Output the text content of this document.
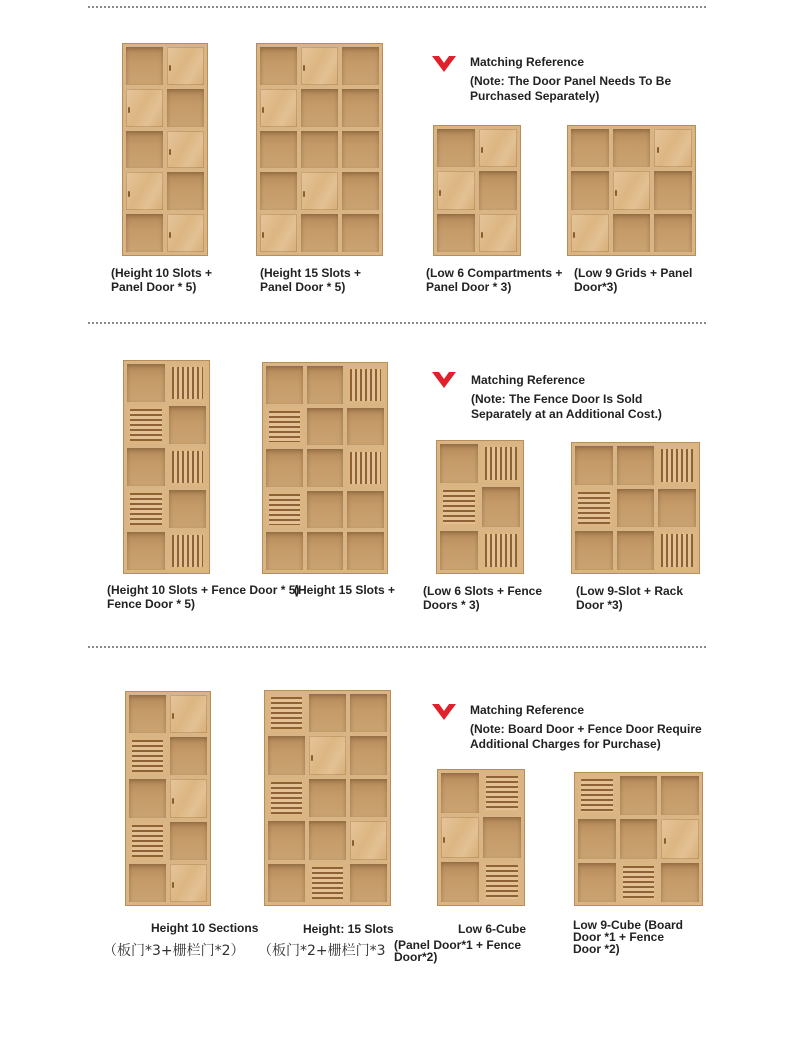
Matching Reference
(Note: The Door Panel Needs To Be
Purchased Separately)
(Height 10 Slots +
Panel Door * 5)
(Height 15 Slots +
Panel Door * 5)
(Low 6 Compartments +
Panel Door * 3)
(Low 9 Grids + Panel
Door*3)
Matching Reference
(Note: The Fence Door Is Sold
Separately at an Additional Cost.)
(Height 10 Slots + Fence Door * 5)
Fence Door * 5)
(Height 15 Slots + (Low 6 Slots + Fence
Doors * 3)
(Low 9-Slot + Rack
Door *3)
Matching Reference
(Note: Board Door + Fence Door Require
Additional Charges for Purchase)
Height 10 Sections	Height: 15 Slots	Low 6-Cube	Low 9-Cube (Board
Door *1 + Fence
Door *2)
（板门*3+栅栏门*2） （板门*2+栅栏门*3 (Panel Door*1 + Fence
Door*2)
